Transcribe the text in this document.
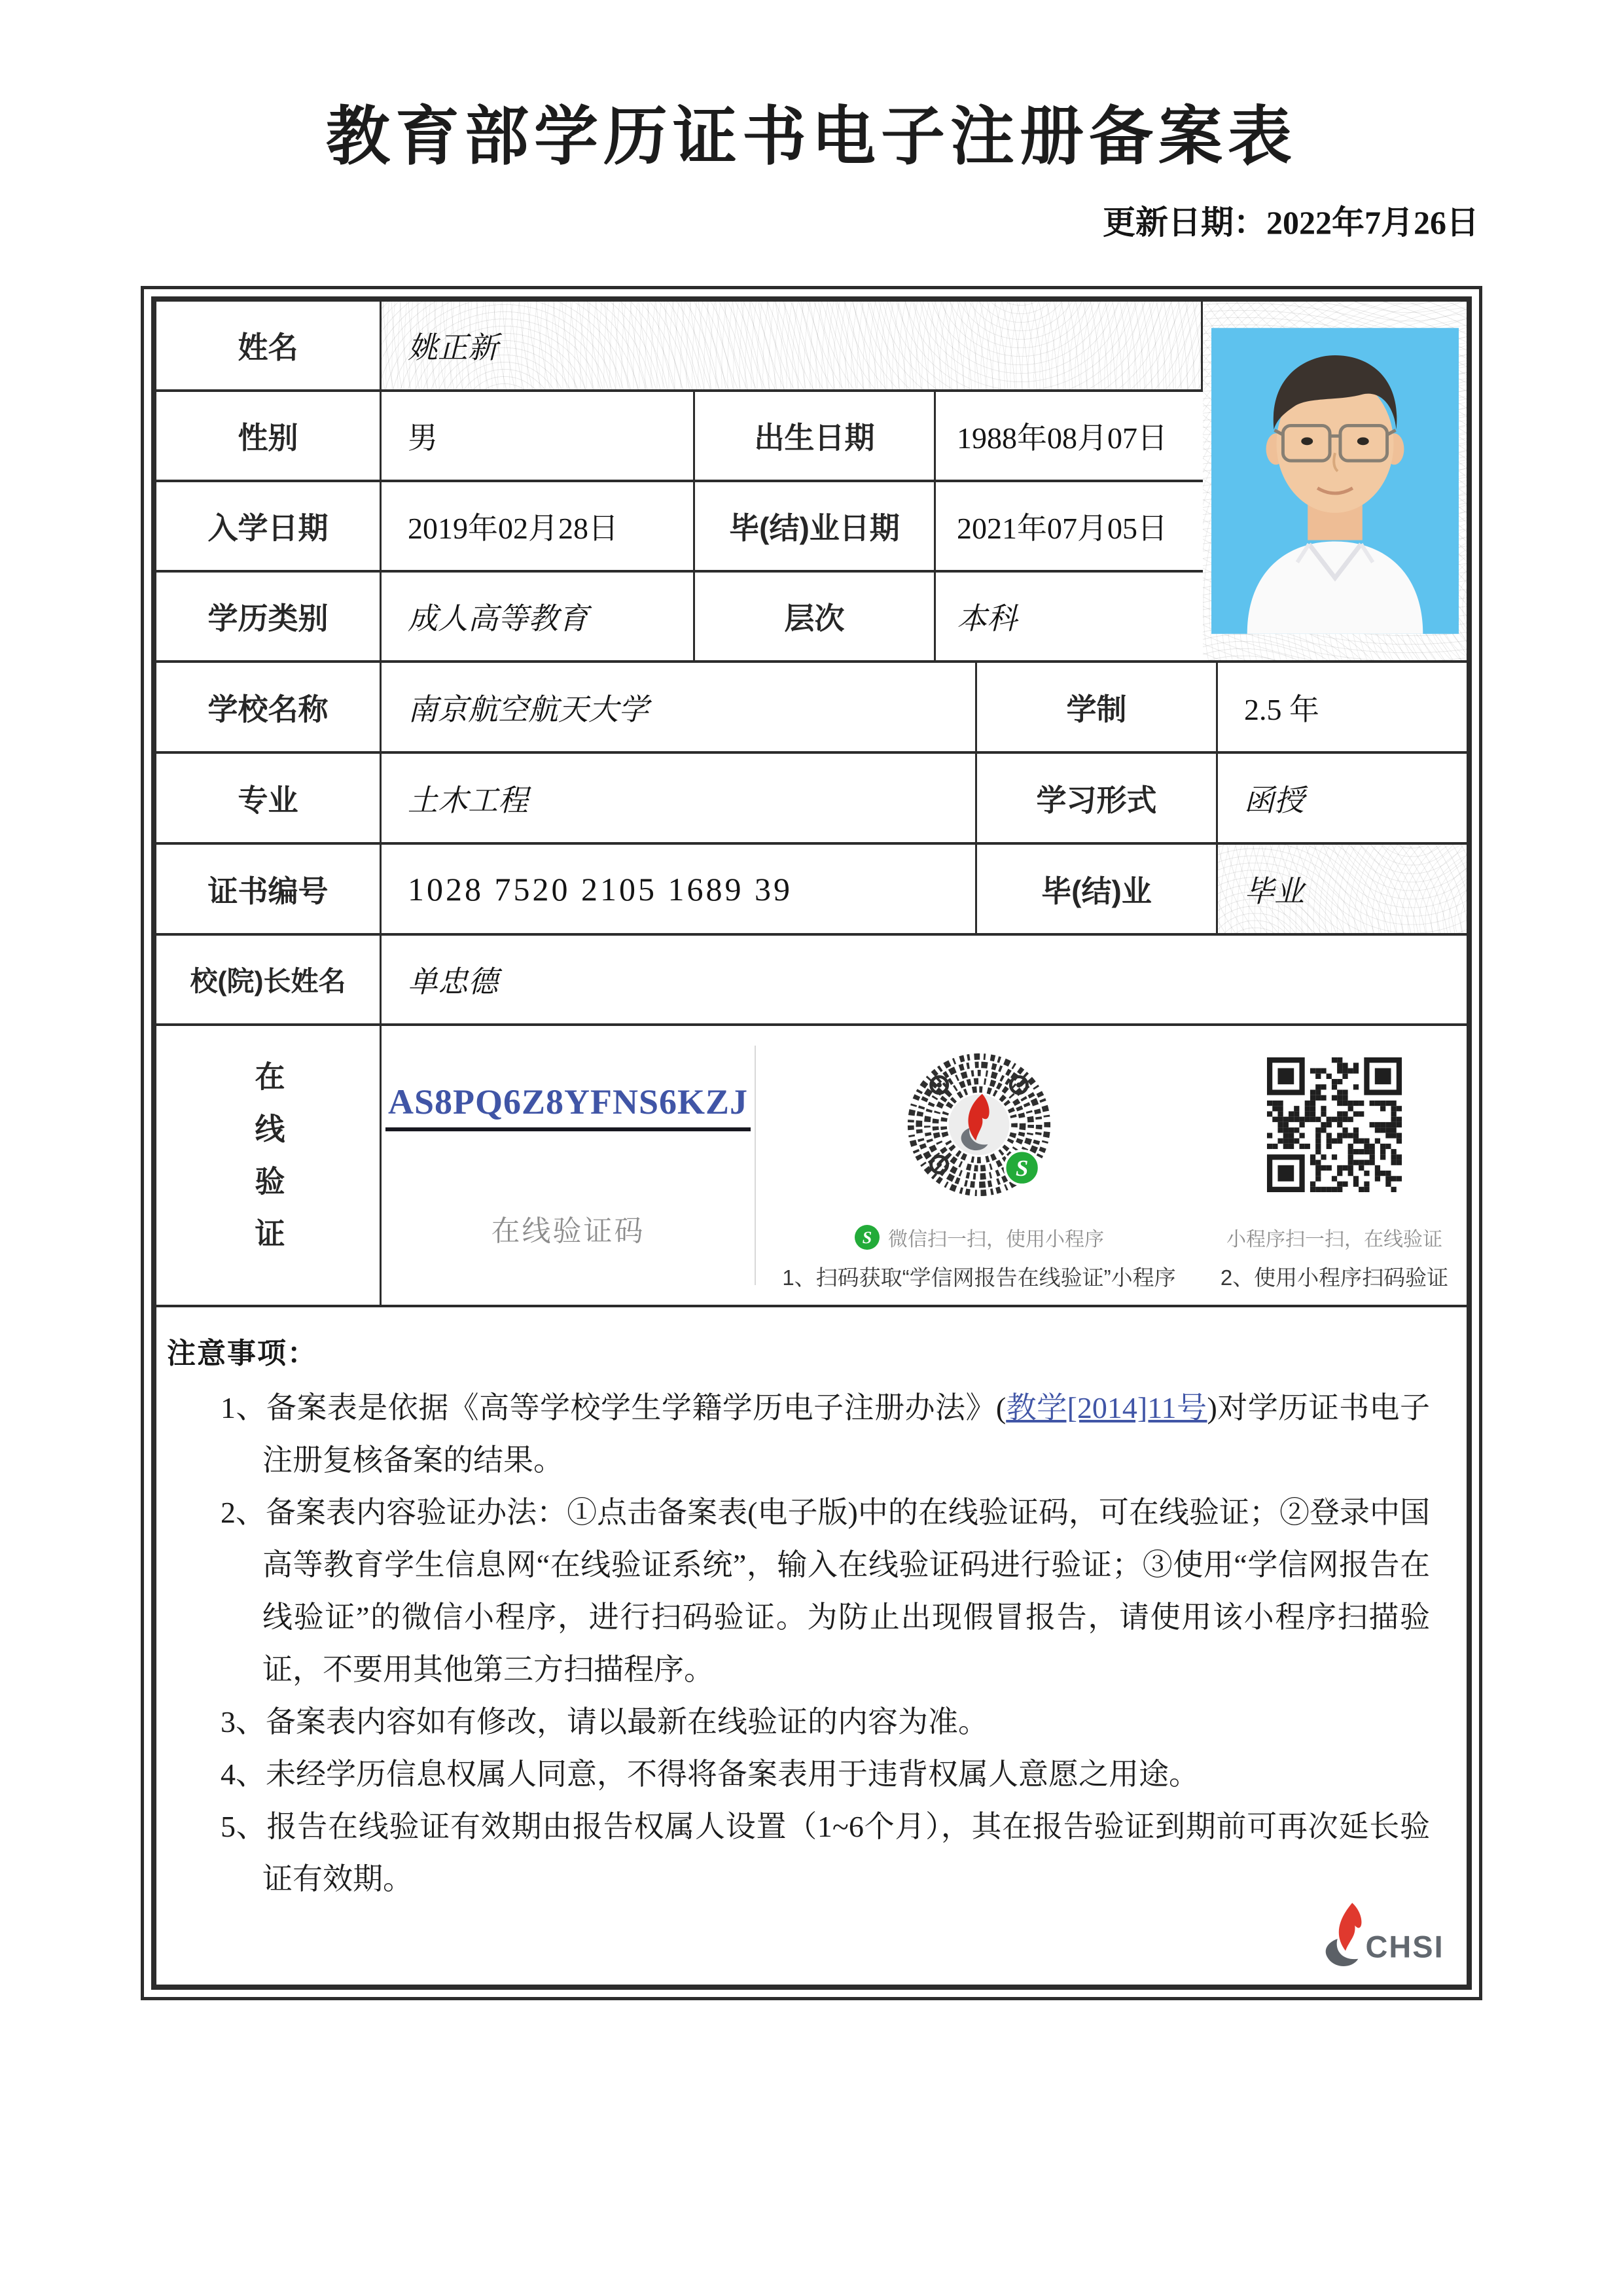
教育部学历证书电子注册备案表
更新日期：2022年7月26日
姓名	姚正新
性别	男	出生日期	1988年08月07日
入学日期	2019年02月28日	毕(结)业日期	2021年07月05日
学历类别	成人高等教育	层次	本科
学校名称	南京航空航天大学	学制	2.5 年
专业	土木工程	学习形式	函授
证书编号	1028 7520 2105 1689 39	毕(结)业	毕业
校(院)长姓名	单忠德
在线验证	AS8PQ6Z8YFNS6KZJ
在线验证码
S
S 微信扫一扫，使用小程序
1、扫码获取“学信网报告在线验证”小程序
小程序扫一扫，在线验证
2、使用小程序扫码验证
注意事项：
1、备案表是依据《高等学校学生学籍学历电子注册办法》(教学[2014]11号)对学历证书电子注册复核备案的结果。
2、备案表内容验证办法：①点击备案表(电子版)中的在线验证码，可在线验证；②登录中国高等教育学生信息网“在线验证系统”，输入在线验证码进行验证；③使用“学信网报告在线验证”的微信小程序，进行扫码验证。为防止出现假冒报告，请使用该小程序扫描验证，不要用其他第三方扫描程序。
3、备案表内容如有修改，请以最新在线验证的内容为准。
4、未经学历信息权属人同意，不得将备案表用于违背权属人意愿之用途。
5、报告在线验证有效期由报告权属人设置（1~6个月），其在报告验证到期前可再次延长验证有效期。
CHSI
